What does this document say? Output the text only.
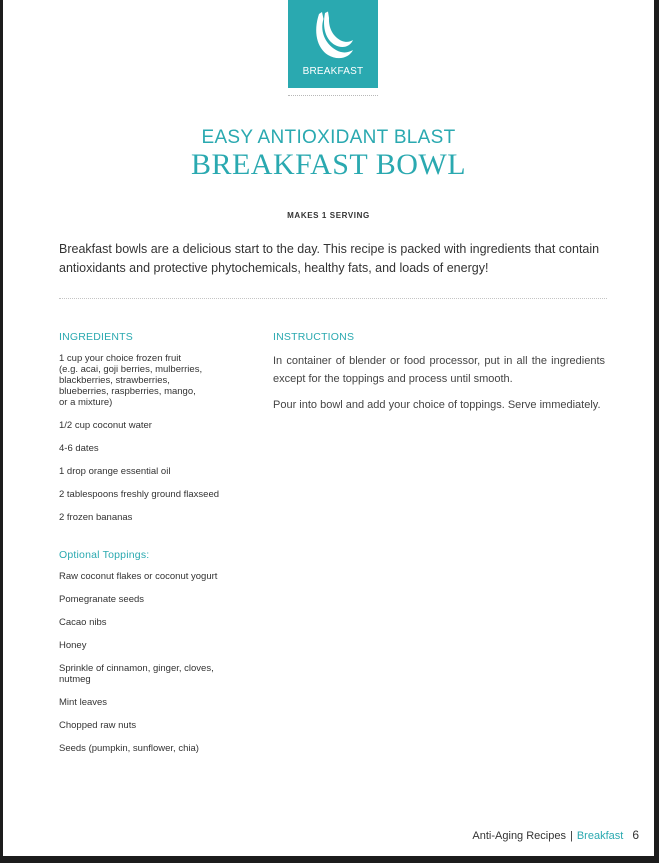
BREAKFAST
EASY ANTIOXIDANT BLAST
BREAKFAST BOWL
MAKES 1 SERVING
Breakfast bowls are a delicious start to the day. This recipe is packed with ingredients that contain antioxidants and protective phytochemicals, healthy fats, and loads of energy!
INGREDIENTS
1 cup your choice frozen fruit
(e.g. acai, goji berries, mulberries,
blackberries, strawberries,
blueberries, raspberries, mango,
or a mixture)
1/2 cup coconut water
4-6 dates
1 drop orange essential oil
2 tablespoons freshly ground flaxseed
2 frozen bananas
Optional Toppings:
Raw coconut flakes or coconut yogurt
Pomegranate seeds
Cacao nibs
Honey
Sprinkle of cinnamon, ginger, cloves,
nutmeg
Mint leaves
Chopped raw nuts
Seeds (pumpkin, sunflower, chia)
INSTRUCTIONS
In container of blender or food processor, put in all the ingredients except for the toppings and process until smooth.
Pour into bowl and add your choice of toppings. Serve immediately.
Anti-Aging Recipes | Breakfast 6
